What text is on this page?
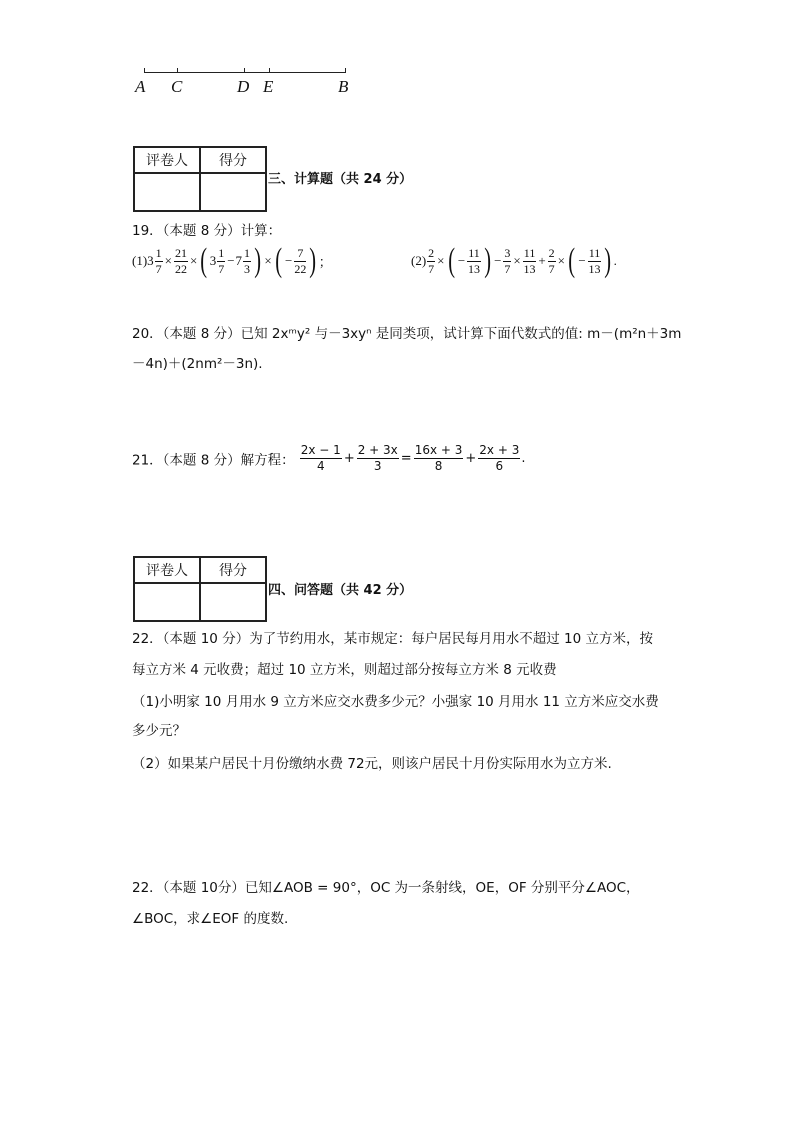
A C	D E	B
评卷人	得分

三、计算题（共 24 分）
19．（本题 8 分）计算：
$(1)3 \frac{1}{7} \times \frac{21}{22}$ ×( $3 \frac{1}{7} -7 \frac{1}{3}$ ) ×( − $\frac{7}{22}$ ) ；	$(2) \frac{2}{7}$ ×( − $\frac{11}{13}$ ) − $\frac{3}{7} \times \frac{11}{13} + \frac{2}{7}$ ×( − $\frac{11}{13}$ ) .
20．（本题 8 分）已知 2xᵐy² 与－3xyⁿ 是同类项，试计算下面代数式的值: m－(m²n＋3m
－4n)＋(2nm²－3n).
21．（本题 8 分）解方程： $\frac{2x - 1}{4} + \frac{2 + 3x}{3} = \frac{16x + 3}{8} + \frac{2x + 3}{6}$ .
评卷人	得分

四、问答题（共 42 分）
22．（本题 10 分）为了节约用水，某市规定：每户居民每月用水不超过 10 立方米，按
每立方米 4 元收费；超过 10 立方米，则超过部分按每立方米 8 元收费
（1)小明家 10 月用水 9 立方米应交水费多少元？小强家 10 月用水 11 立方米应交水费
多少元？
（2）如果某户居民十月份缴纳水费 72元，则该户居民十月份实际用水为立方米.
22．（本题 10分）已知∠AOB = 90°，OC 为一条射线，OE，OF 分别平分∠AOC，
∠BOC，求∠EOF 的度数.
